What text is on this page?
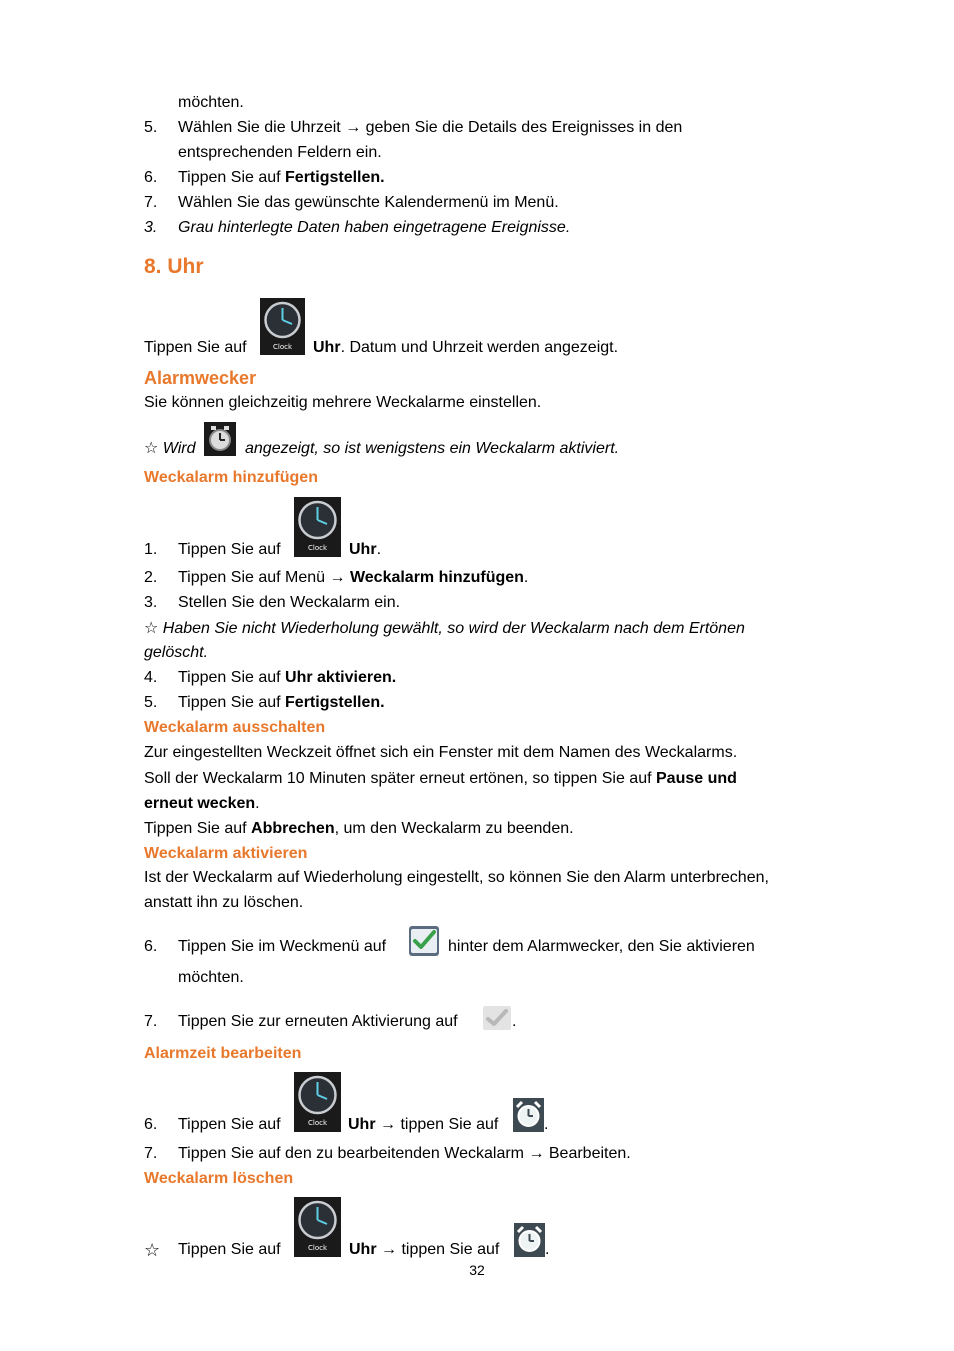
möchten.
5. Wählen Sie die Uhrzeit → geben Sie die Details des Ereignisses in den
entsprechenden Feldern ein.
6. Tippen Sie auf Fertigstellen.
7. Wählen Sie das gewünschte Kalendermenü im Menü.
3. Grau hinterlegte Daten haben eingetragene Ereignisse.
8. Uhr
Tippen Sie auf	Clock Uhr. Datum und Uhrzeit werden angezeigt.
Alarmwecker
Sie können gleichzeitig mehrere Weckalarme einstellen.
☆ Wird	angezeigt, so ist wenigstens ein Weckalarm aktiviert.
Weckalarm hinzufügen
1. Tippen Sie auf	Clock Uhr.
2. Tippen Sie auf Menü → Weckalarm hinzufügen.
3. Stellen Sie den Weckalarm ein.
☆ Haben Sie nicht Wiederholung gewählt, so wird der Weckalarm nach dem Ertönen
gelöscht.
4. Tippen Sie auf Uhr aktivieren.
5. Tippen Sie auf Fertigstellen.
Weckalarm ausschalten
Zur eingestellten Weckzeit öffnet sich ein Fenster mit dem Namen des Weckalarms.
Soll der Weckalarm 10 Minuten später erneut ertönen, so tippen Sie auf Pause und
erneut wecken.
Tippen Sie auf Abbrechen, um den Weckalarm zu beenden.
Weckalarm aktivieren
Ist der Weckalarm auf Wiederholung eingestellt, so können Sie den Alarm unterbrechen,
anstatt ihn zu löschen.
6. Tippen Sie im Weckmenü auf	hinter dem Alarmwecker, den Sie aktivieren
möchten.
7. Tippen Sie zur erneuten Aktivierung auf	.
Alarmzeit bearbeiten
6. Tippen Sie auf	Clock Uhr → tippen Sie auf	.
7. Tippen Sie auf den zu bearbeitenden Weckalarm → Bearbeiten.
Weckalarm löschen
☆ Tippen Sie auf	Clock Uhr → tippen Sie auf	.
32
